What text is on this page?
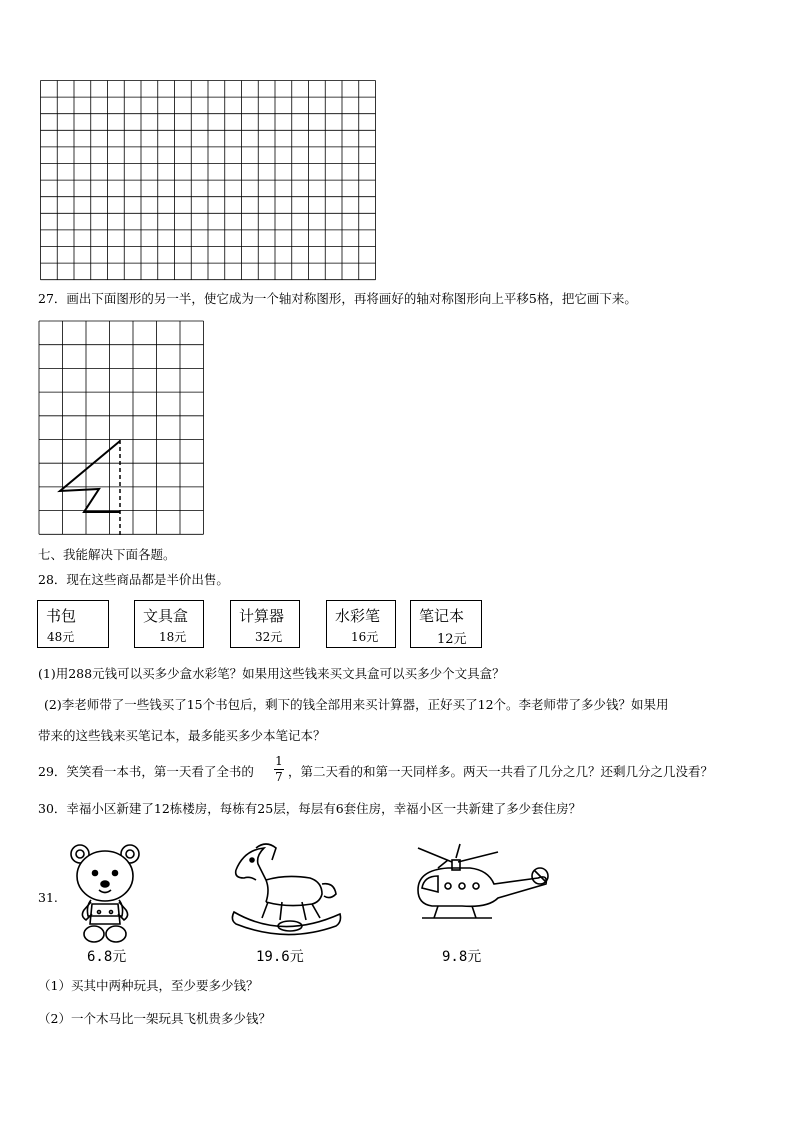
27．画出下面图形的另一半，使它成为一个轴对称图形，再将画好的轴对称图形向上平移5格，把它画下来。
七、我能解决下面各题。
28．现在这些商品都是半价出售。
书包
48元
文具盒
18元
计算器
32元
水彩笔
16元
笔记本
12元
(1)用288元钱可以买多少盒水彩笔？如果用这些钱来买文具盒可以买多少个文具盒？
(2)李老师带了一些钱买了15个书包后，剩下的钱全部用来买计算器，正好买了12个。李老师带了多少钱？如果用
带来的这些钱来买笔记本，最多能买多少本笔记本？
29．笑笑看一本书，第一天看了全书的
1
7 ，第二天看的和第一天同样多。两天一共看了几分之几？还剩几分之几没看？
30．幸福小区新建了12栋楼房，每栋有25层，每层有6套住房，幸福小区一共新建了多少套住房？
31.
6.8元	19.6元	9.8元
（1）买其中两种玩具，至少要多少钱？
（2）一个木马比一架玩具飞机贵多少钱？
